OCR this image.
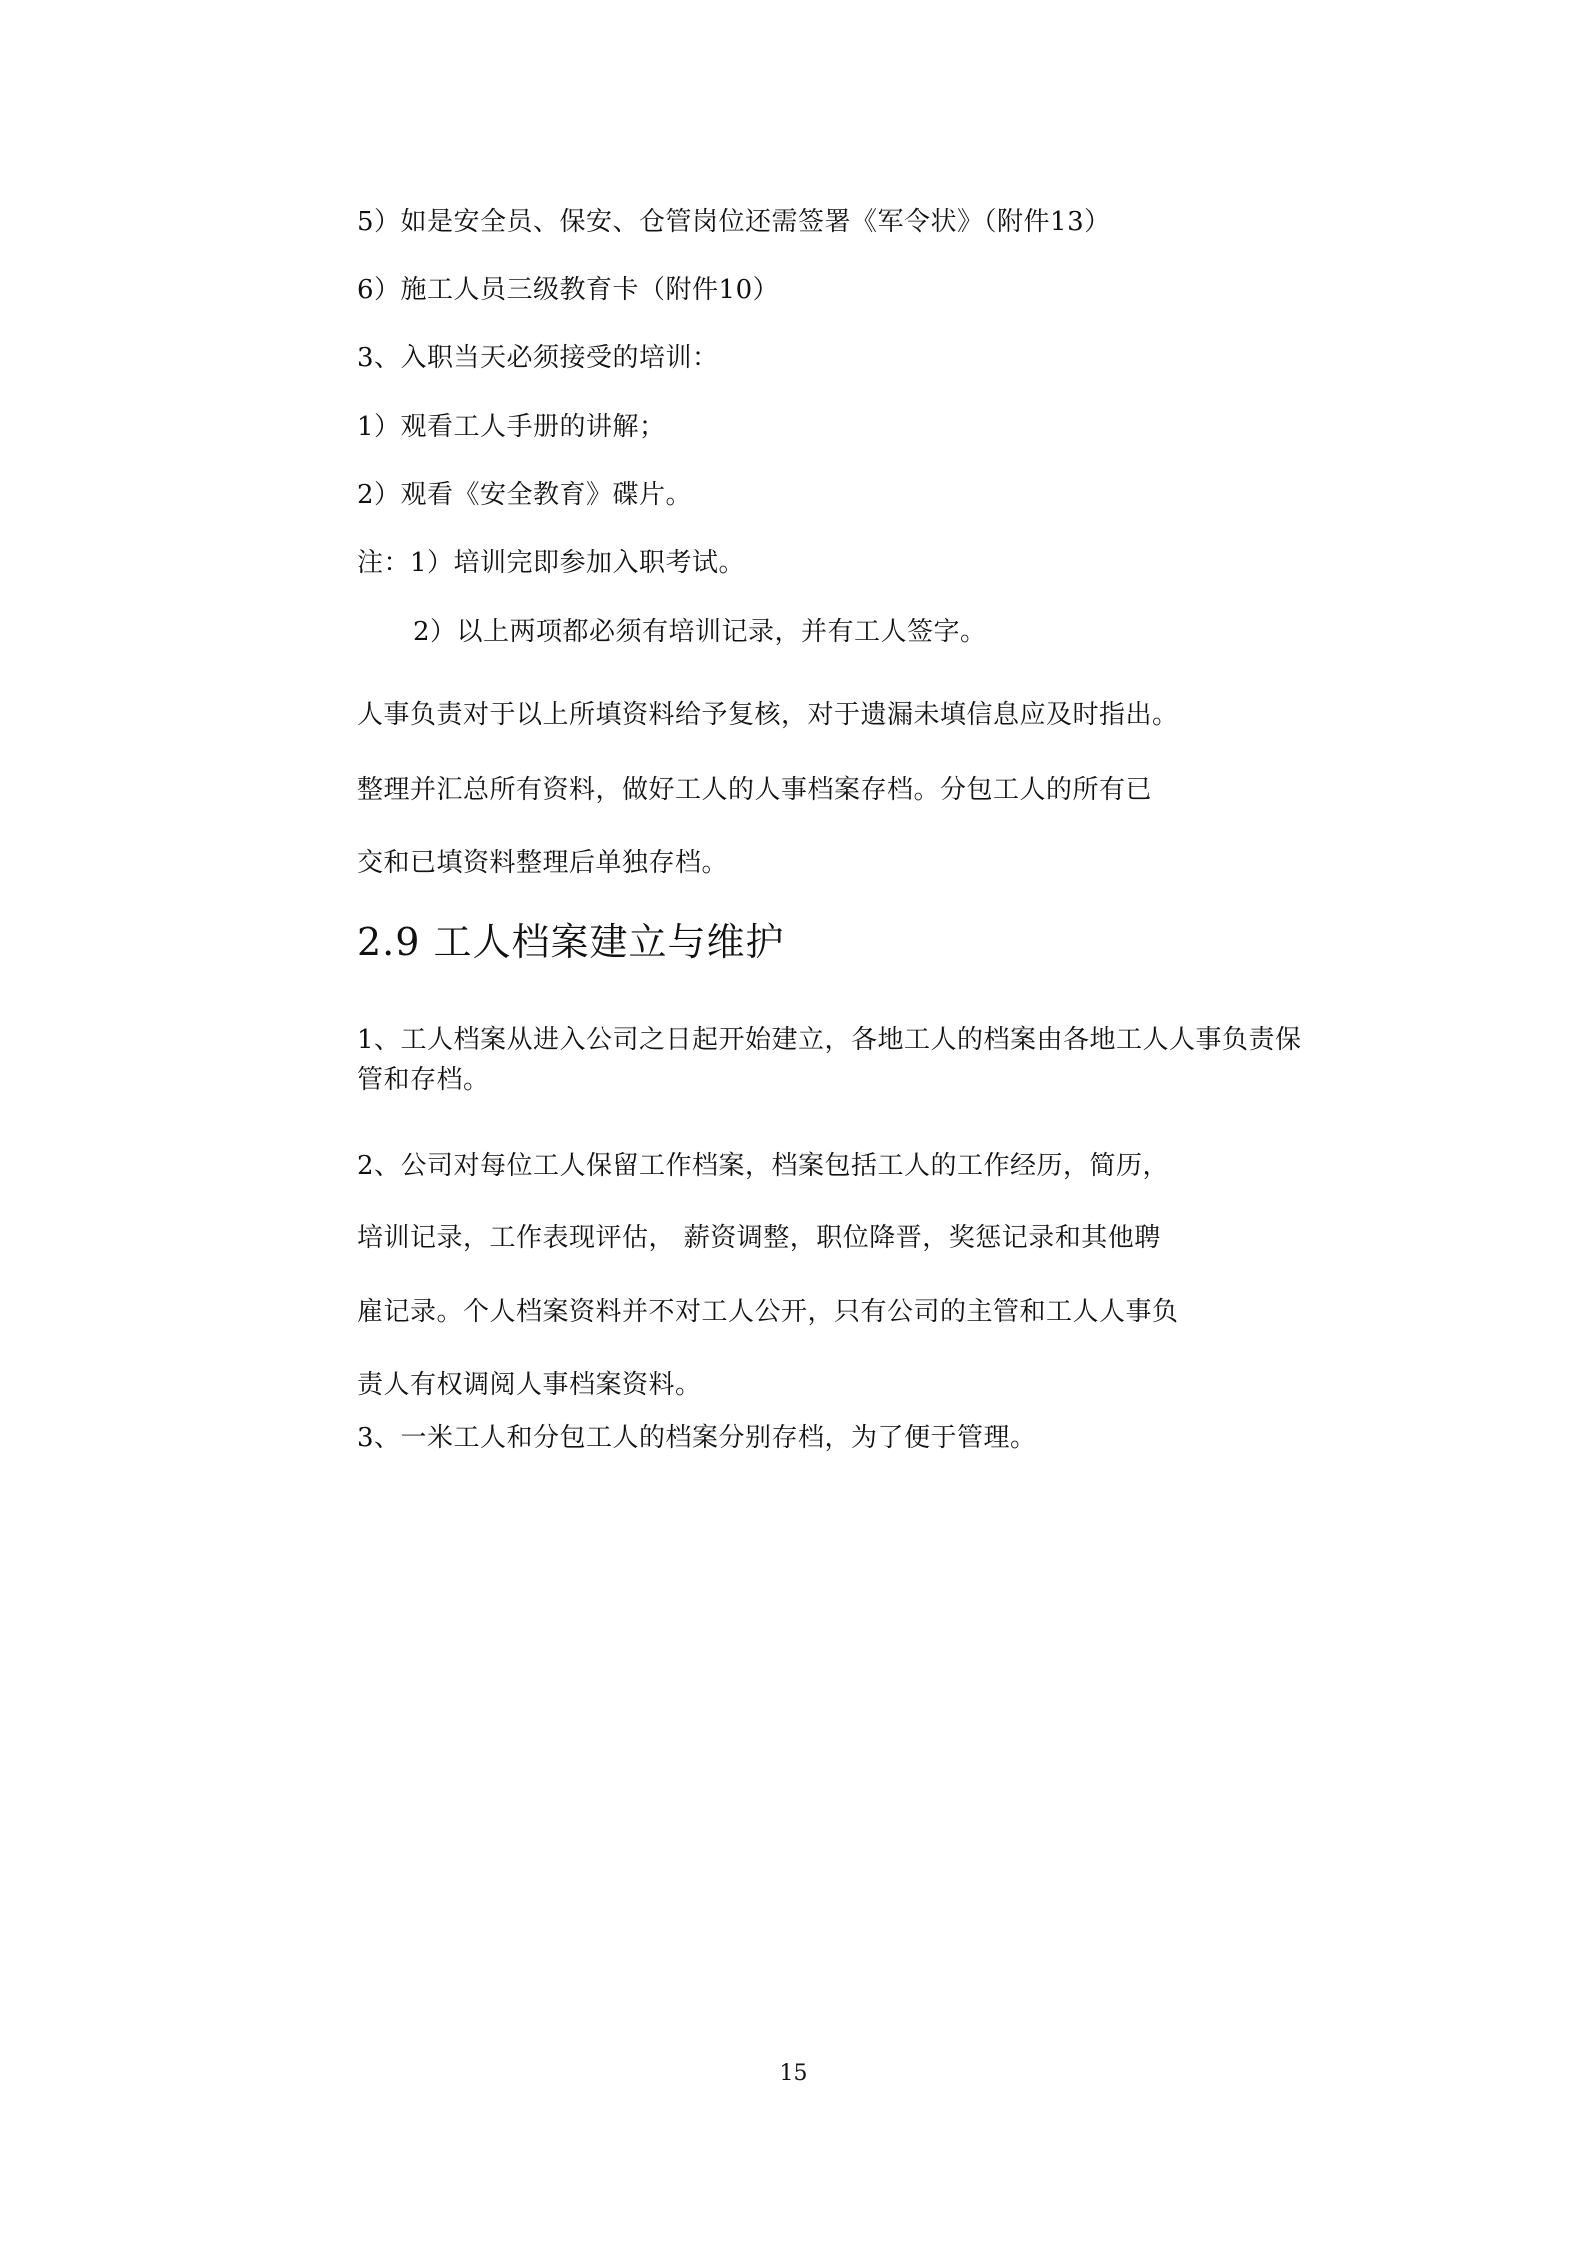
5）如是安全员、保安、仓管岗位还需签署《军令状》（附件13）
6）施工人员三级教育卡（附件10）
3、入职当天必须接受的培训：
1）观看工人手册的讲解；
2）观看《安全教育》碟片。
注：1）培训完即参加入职考试。
2）以上两项都必须有培训记录，并有工人签字。
人事负责对于以上所填资料给予复核，对于遗漏未填信息应及时指出。
整理并汇总所有资料，做好工人的人事档案存档。分包工人的所有已
交和已填资料整理后单独存档。
2.9 工人档案建立与维护
1、工人档案从进入公司之日起开始建立，各地工人的档案由各地工人人事负责保
管和存档。
2、公司对每位工人保留工作档案，档案包括工人的工作经历，简历，
培训记录，工作表现评估， 薪资调整，职位降晋，奖惩记录和其他聘
雇记录。个人档案资料并不对工人公开，只有公司的主管和工人人事负
责人有权调阅人事档案资料。
3、一米工人和分包工人的档案分别存档，为了便于管理。
15
